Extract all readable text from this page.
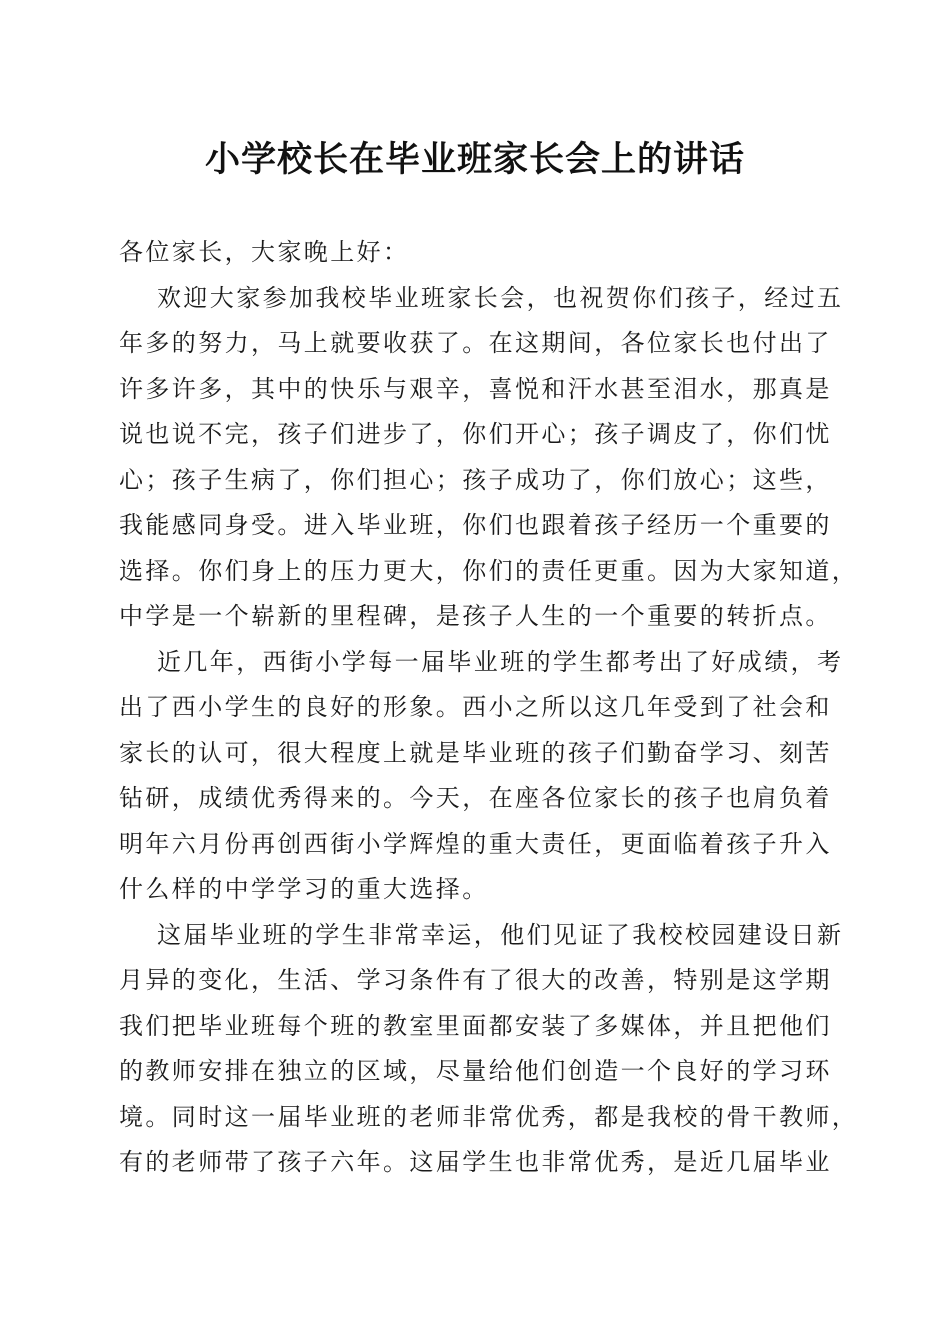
小学校长在毕业班家长会上的讲话
各位家长，大家晚上好：
欢迎大家参加我校毕业班家长会，也祝贺你们孩子，经过五
年多的努力，马上就要收获了。在这期间，各位家长也付出了
许多许多，其中的快乐与艰辛，喜悦和汗水甚至泪水，那真是
说也说不完，孩子们进步了，你们开心；孩子调皮了，你们忧
心；孩子生病了，你们担心；孩子成功了，你们放心；这些，
我能感同身受。进入毕业班，你们也跟着孩子经历一个重要的
选择。你们身上的压力更大，你们的责任更重。因为大家知道，
中学是一个崭新的里程碑，是孩子人生的一个重要的转折点。
近几年，西街小学每一届毕业班的学生都考出了好成绩，考
出了西小学生的良好的形象。西小之所以这几年受到了社会和
家长的认可，很大程度上就是毕业班的孩子们勤奋学习、刻苦
钻研，成绩优秀得来的。今天，在座各位家长的孩子也肩负着
明年六月份再创西街小学辉煌的重大责任，更面临着孩子升入
什么样的中学学习的重大选择。
这届毕业班的学生非常幸运，他们见证了我校校园建设日新
月异的变化，生活、学习条件有了很大的改善，特别是这学期
我们把毕业班每个班的教室里面都安装了多媒体，并且把他们
的教师安排在独立的区域，尽量给他们创造一个良好的学习环
境。同时这一届毕业班的老师非常优秀，都是我校的骨干教师，
有的老师带了孩子六年。这届学生也非常优秀，是近几届毕业
